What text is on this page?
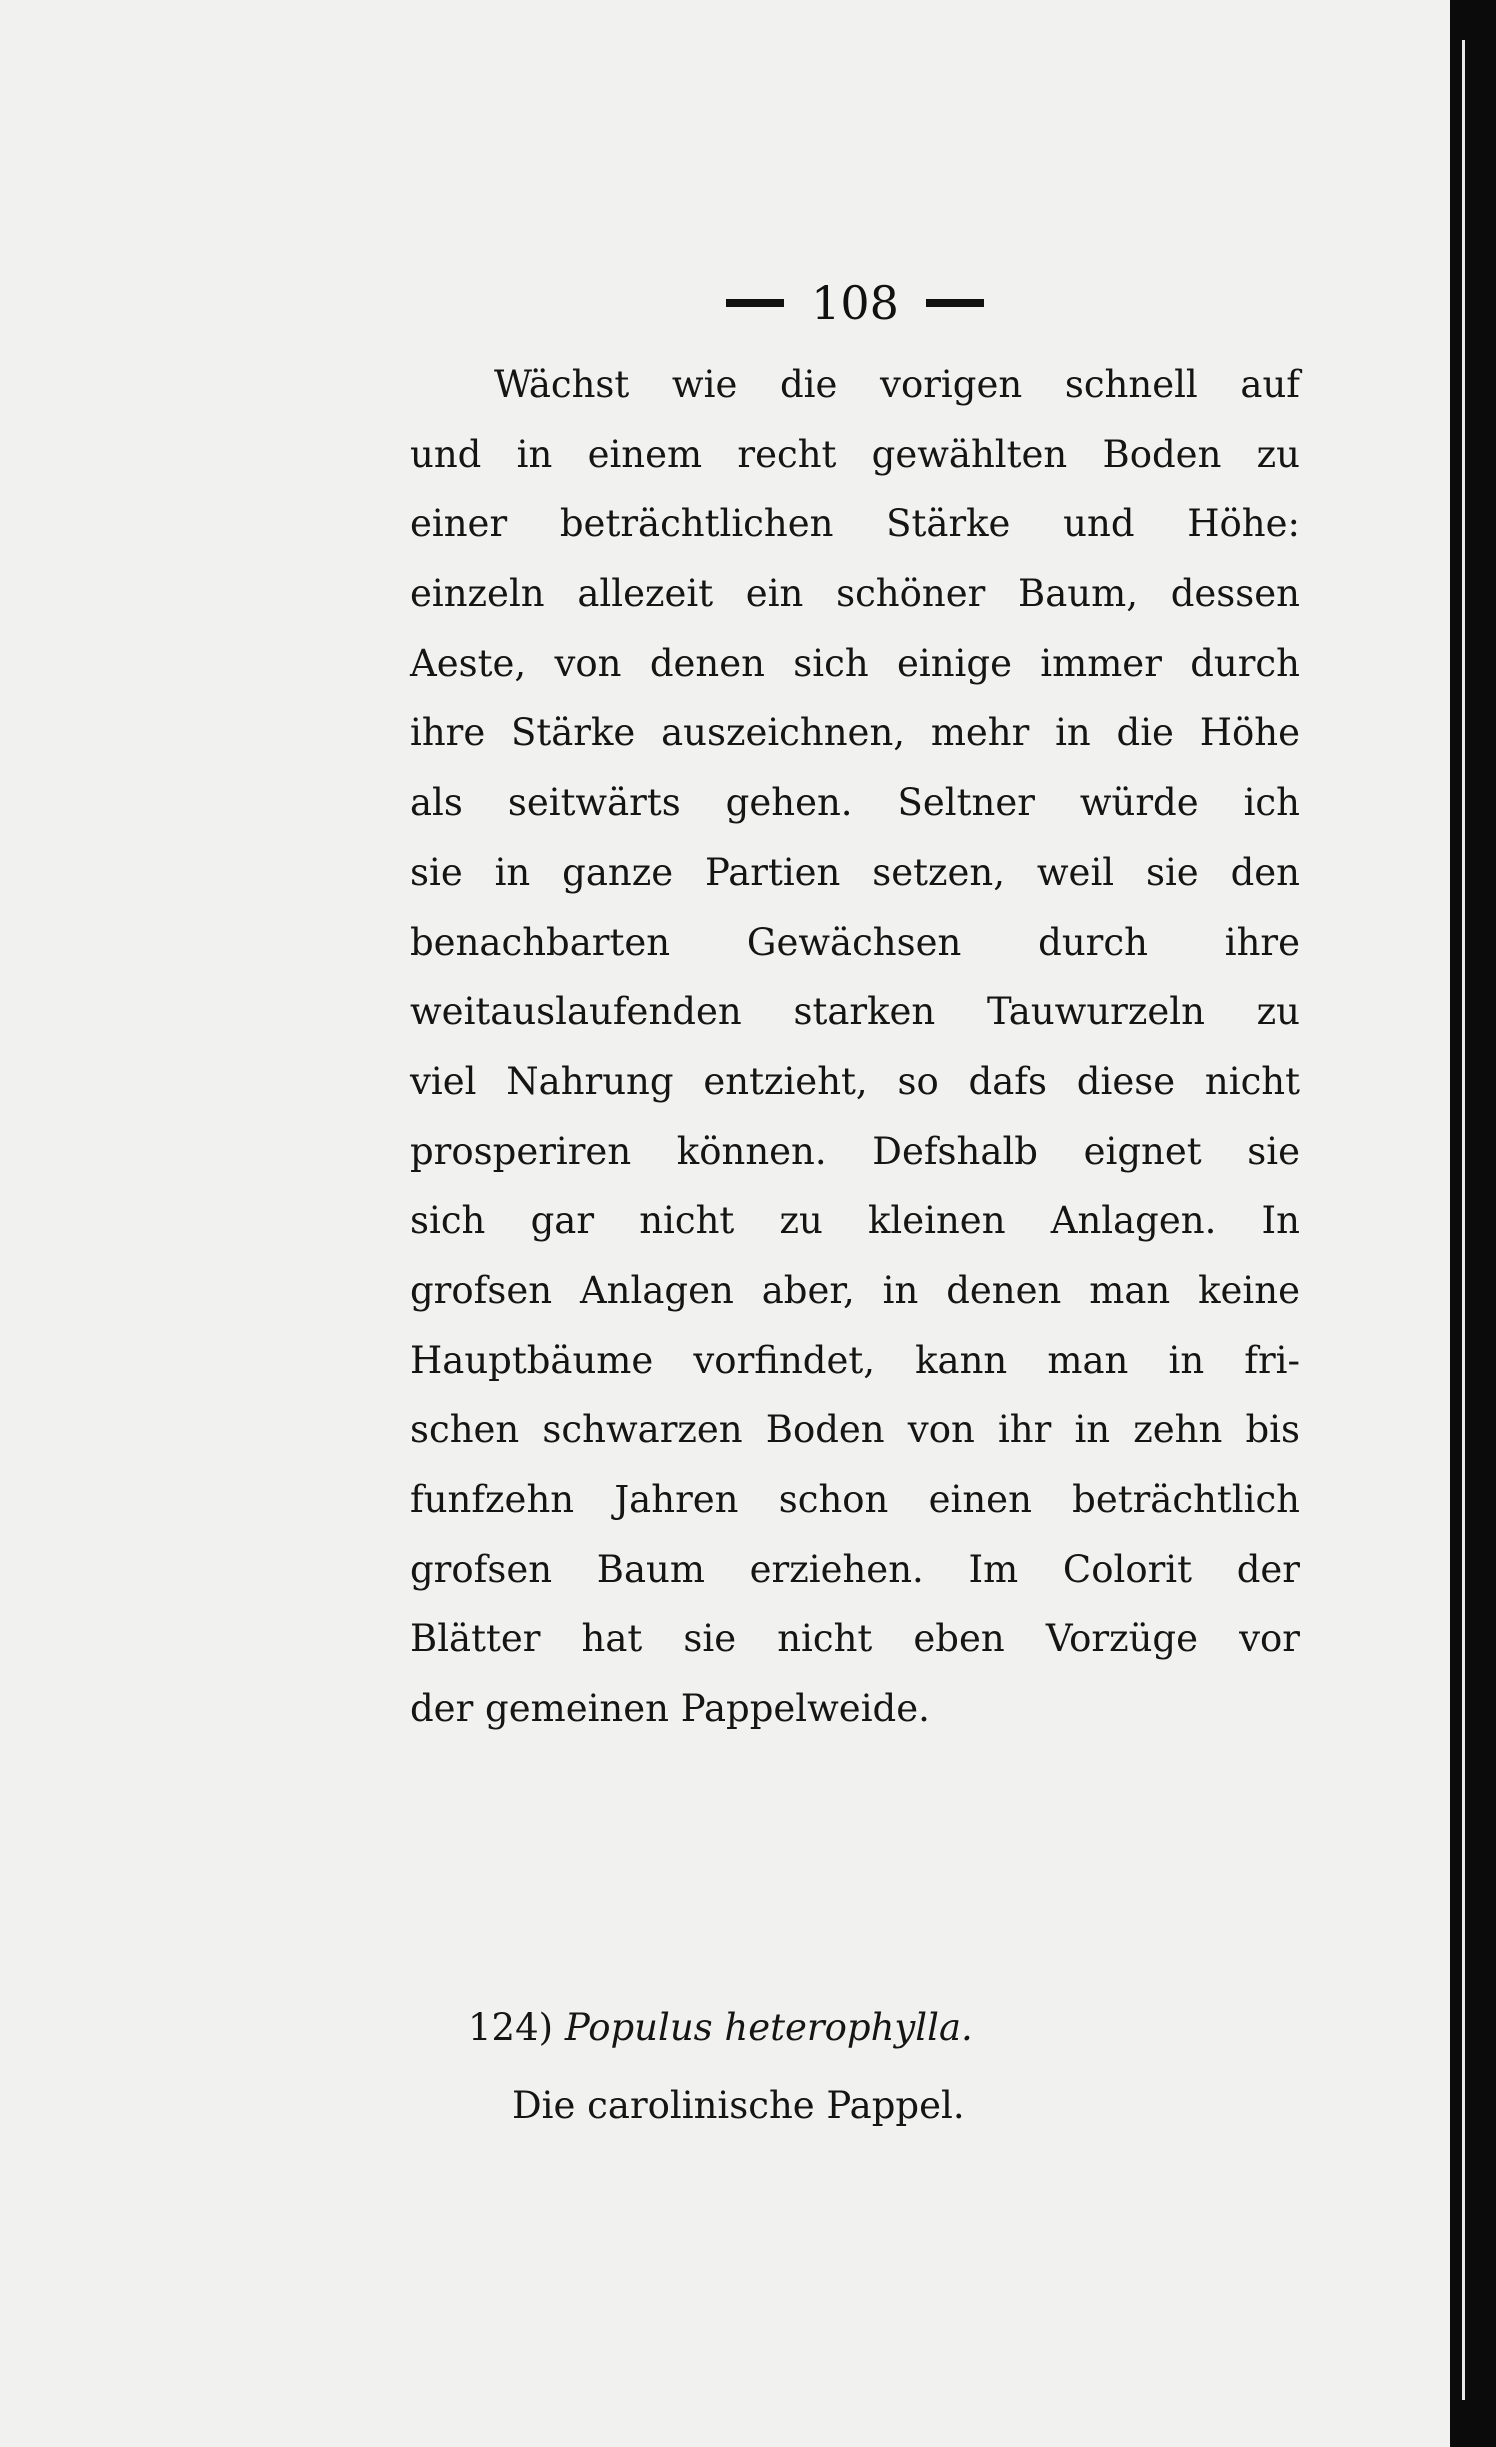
108
Wächst wie die vorigen schnell auf
und in einem recht gewählten Boden zu
einer beträchtlichen Stärke und Höhe:
einzeln allezeit ein schöner Baum, dessen
Aeste, von denen sich einige immer durch
ihre Stärke auszeichnen, mehr in die Höhe
als seitwärts gehen. Seltner würde ich
sie in ganze Partien setzen, weil sie den
benachbarten Gewächsen durch ihre
weitauslaufenden starken Tauwurzeln zu
viel Nahrung entzieht, so dafs diese nicht
prosperiren können. Defshalb eignet sie
sich gar nicht zu kleinen Anlagen. In
grofsen Anlagen aber, in denen man keine
Hauptbäume vorfindet, kann man in fri-
schen schwarzen Boden von ihr in zehn bis
funfzehn Jahren schon einen beträchtlich
grofsen Baum erziehen. Im Colorit der
Blätter hat sie nicht eben Vorzüge vor
der gemeinen Pappelweide.
124) Populus heterophylla.
Die carolinische Pappel.
